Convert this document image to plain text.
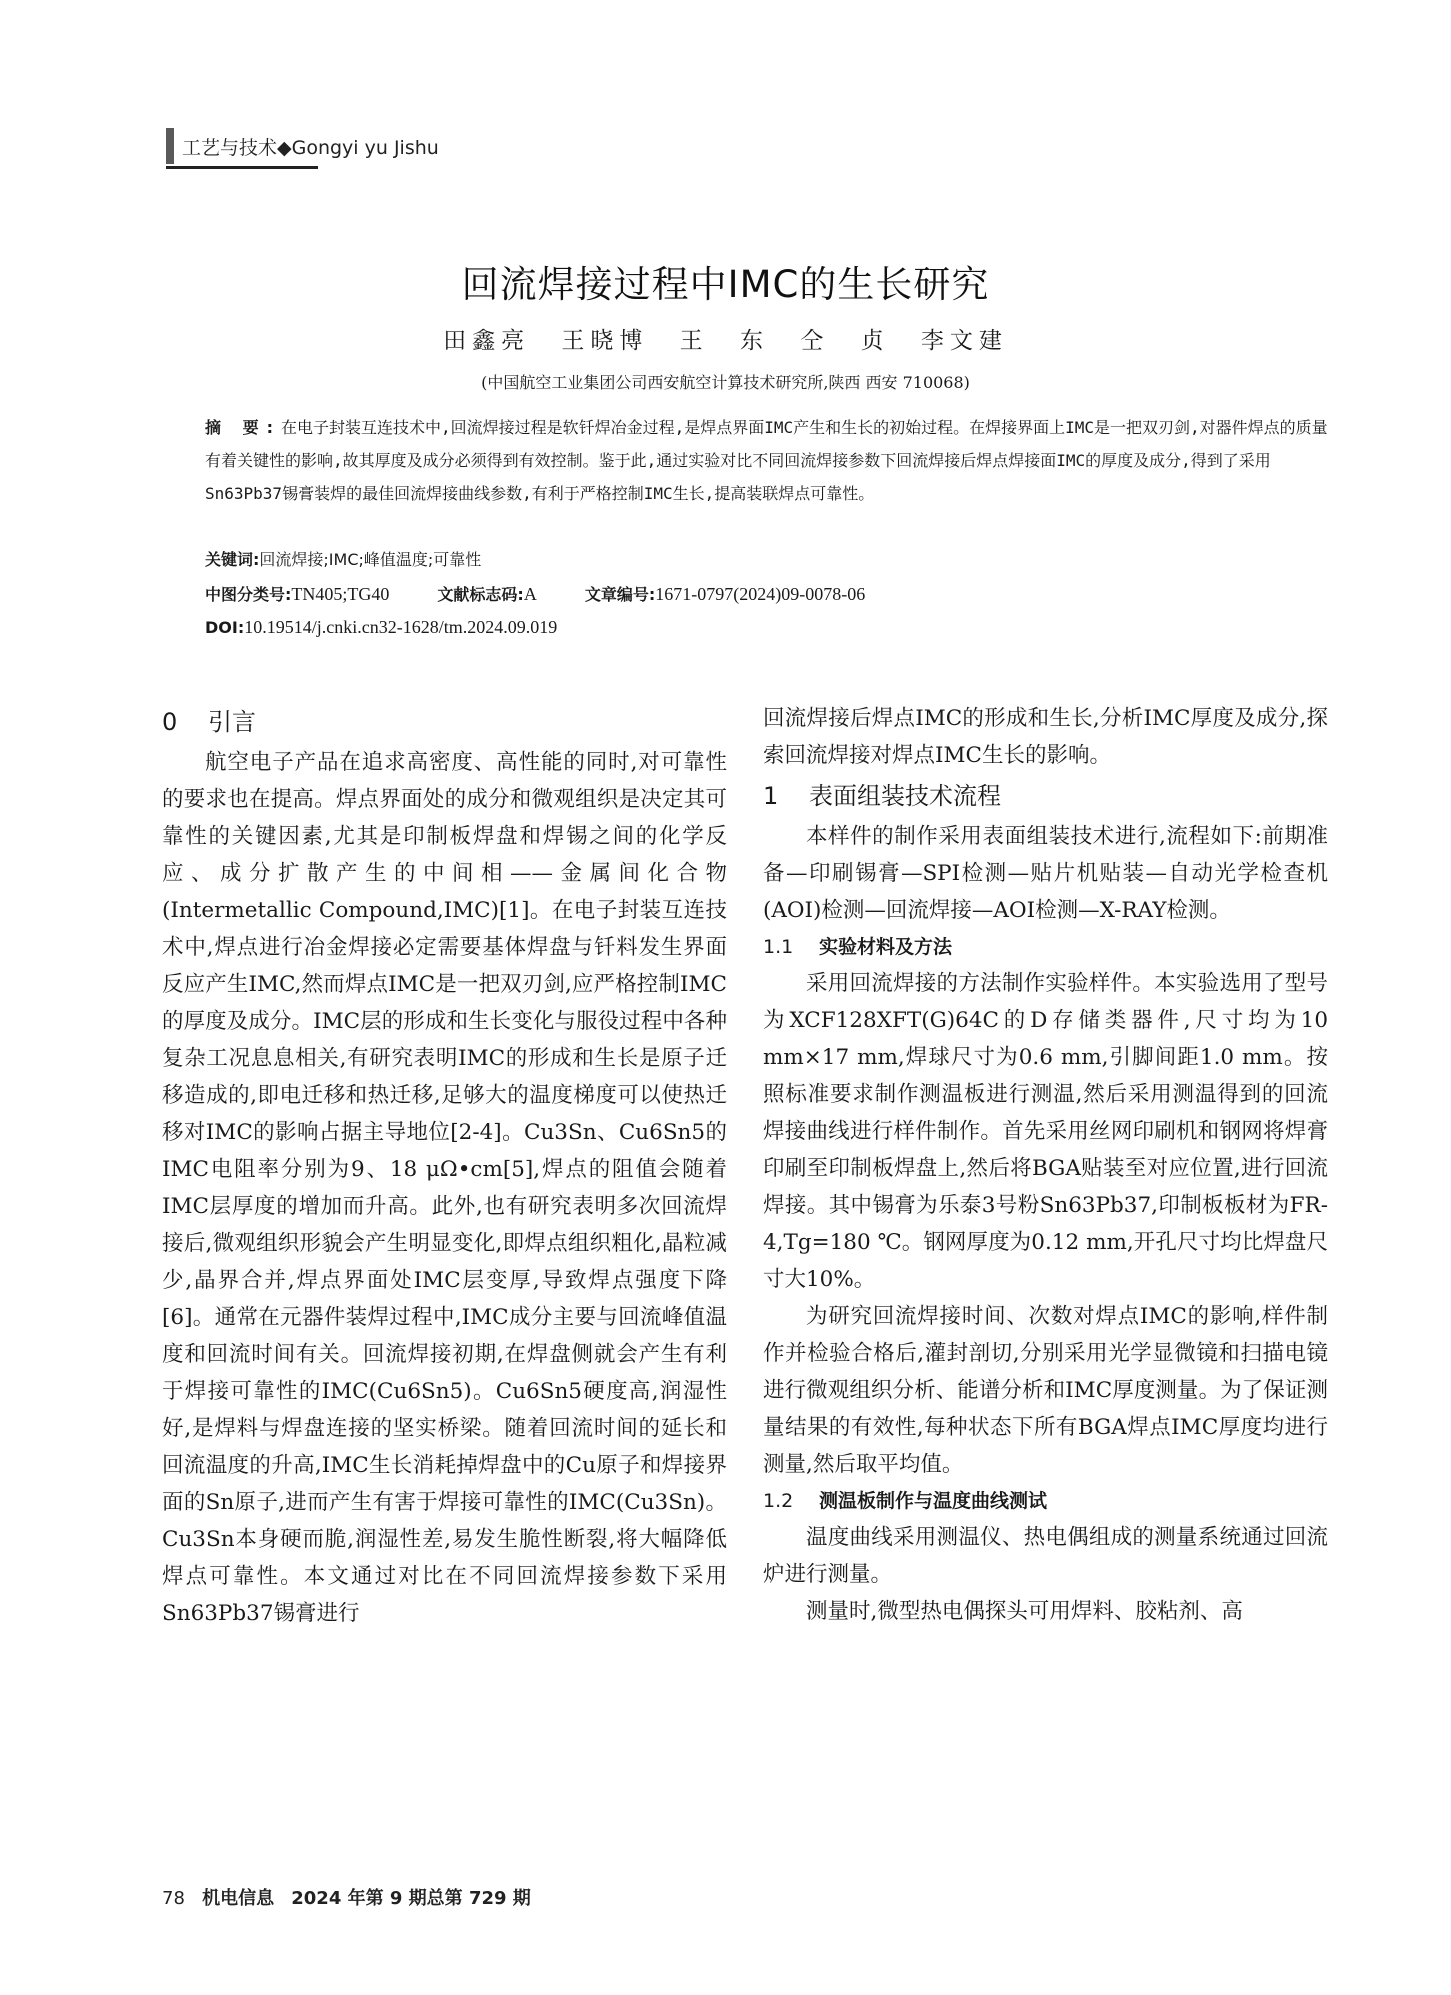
工艺与技术◆Gongyi yu Jishu
回流焊接过程中IMC的生长研究
田鑫亮 王晓博 王 东 仝 贞 李文建
(中国航空工业集团公司西安航空计算技术研究所,陕西 西安 710068)
摘 要:在电子封装互连技术中,回流焊接过程是软钎焊冶金过程,是焊点界面IMC产生和生长的初始过程。在焊接界面上IMC是一把双刃剑,对器件焊点的质量有着关键性的影响,故其厚度及成分必须得到有效控制。鉴于此,通过实验对比不同回流焊接参数下回流焊接后焊点焊接面IMC的厚度及成分,得到了采用Sn63Pb37锡膏装焊的最佳回流焊接曲线参数,有利于严格控制IMC生长,提高装联焊点可靠性。
关键词:回流焊接;IMC;峰值温度;可靠性
中图分类号:TN405;TG40	文献标志码:A	文章编号:1671-0797(2024)09-0078-06
DOI:10.19514/j.cnki.cn32-1628/tm.2024.09.019
0 引言

航空电子产品在追求高密度、高性能的同时,对可靠性的要求也在提高。焊点界面处的成分和微观组织是决定其可靠性的关键因素,尤其是印制板焊盘和焊锡之间的化学反应、成分扩散产生的中间相——金属间化合物(Intermetallic Compound,IMC)[1]。在电子封装互连技术中,焊点进行冶金焊接必定需要基体焊盘与钎料发生界面反应产生IMC,然而焊点IMC是一把双刃剑,应严格控制IMC的厚度及成分。IMC层的形成和生长变化与服役过程中各种复杂工况息息相关,有研究表明IMC的形成和生长是原子迁移造成的,即电迁移和热迁移,足够大的温度梯度可以使热迁移对IMC的影响占据主导地位[2-4]。Cu3Sn、Cu6Sn5的IMC电阻率分别为9、18 μΩ•cm[5],焊点的阻值会随着IMC层厚度的增加而升高。此外,也有研究表明多次回流焊接后,微观组织形貌会产生明显变化,即焊点组织粗化,晶粒减少,晶界合并,焊点界面处IMC层变厚,导致焊点强度下降[6]。通常在元器件装焊过程中,IMC成分主要与回流峰值温度和回流时间有关。回流焊接初期,在焊盘侧就会产生有利于焊接可靠性的IMC(Cu6Sn5)。Cu6Sn5硬度高,润湿性好,是焊料与焊盘连接的坚实桥梁。随着回流时间的延长和回流温度的升高,IMC生长消耗掉焊盘中的Cu原子和焊接界面的Sn原子,进而产生有害于焊接可靠性的IMC(Cu3Sn)。Cu3Sn本身硬而脆,润湿性差,易发生脆性断裂,将大幅降低焊点可靠性。本文通过对比在不同回流焊接参数下采用Sn63Pb37锡膏进行

回流焊接后焊点IMC的形成和生长,分析IMC厚度及成分,探索回流焊接对焊点IMC生长的影响。

1 表面组装技术流程

本样件的制作采用表面组装技术进行,流程如下:前期准备—印刷锡膏—SPI检测—贴片机贴装—自动光学检查机(AOI)检测—回流焊接—AOI检测—X-RAY检测。

1.1 实验材料及方法

采用回流焊接的方法制作实验样件。本实验选用了型号为XCF128XFT(G)64C的D存储类器件,尺寸均为10 mm×17 mm,焊球尺寸为0.6 mm,引脚间距1.0 mm。按照标准要求制作测温板进行测温,然后采用测温得到的回流焊接曲线进行样件制作。首先采用丝网印刷机和钢网将焊膏印刷至印制板焊盘上,然后将BGA贴装至对应位置,进行回流焊接。其中锡膏为乐泰3号粉Sn63Pb37,印制板板材为FR-4,Tg=180 ℃。钢网厚度为0.12 mm,开孔尺寸均比焊盘尺寸大10%。

为研究回流焊接时间、次数对焊点IMC的影响,样件制作并检验合格后,灌封剖切,分别采用光学显微镜和扫描电镜进行微观组织分析、能谱分析和IMC厚度测量。为了保证测量结果的有效性,每种状态下所有BGA焊点IMC厚度均进行测量,然后取平均值。

1.2 测温板制作与温度曲线测试

温度曲线采用测温仪、热电偶组成的测量系统通过回流炉进行测量。

测量时,微型热电偶探头可用焊料、胶粘剂、高

78 机电信息 2024 年第 9 期总第 729 期
